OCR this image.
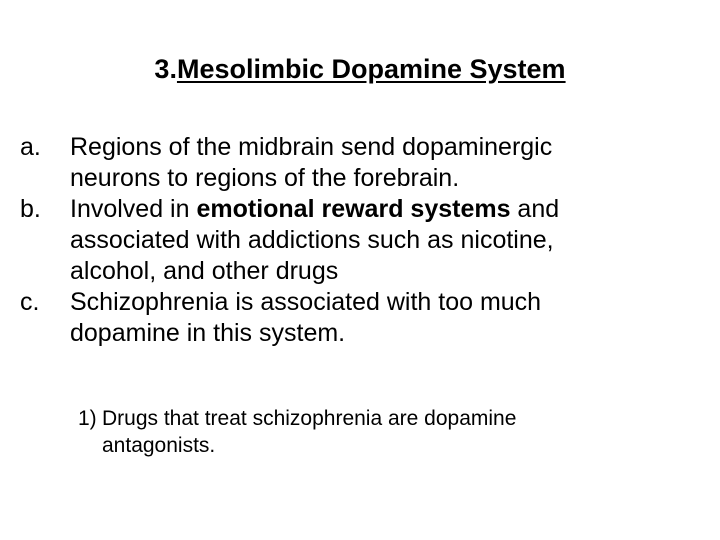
3.Mesolimbic Dopamine System
a. Regions of the midbrain send dopaminergic
neurons to regions of the forebrain.
b. Involved in emotional reward systems and
associated with addictions such as nicotine,
alcohol, and other drugs
c. Schizophrenia is associated with too much
dopamine in this system.
1) Drugs that treat schizophrenia are dopamine
antagonists.
